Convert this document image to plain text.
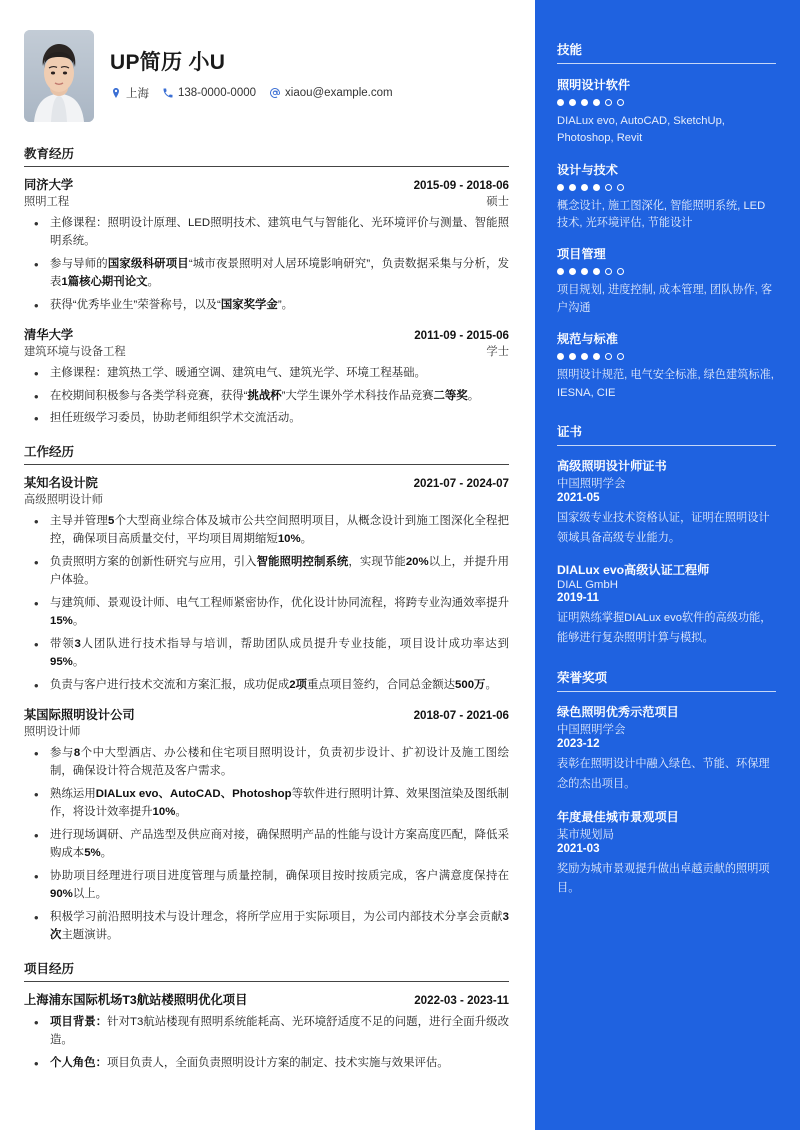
UP简历 小U
上海	138-0000-0000	xiaou@example.com
教育经历
同济大学	2015-09 - 2018-06
照明工程	硕士
• 主修课程：照明设计原理、LED照明技术、建筑电气与智能化、光环境评价与测量、智能照明系统。
• 参与导师的国家级科研项目“城市夜景照明对人居环境影响研究”，负责数据采集与分析，发表1篇核心期刊论文。
• 获得“优秀毕业生”荣誉称号，以及“国家奖学金”。
清华大学	2011-09 - 2015-06
建筑环境与设备工程	学士
• 主修课程：建筑热工学、暖通空调、建筑电气、建筑光学、环境工程基础。
• 在校期间积极参与各类学科竞赛，获得“挑战杯”大学生课外学术科技作品竞赛二等奖。
• 担任班级学习委员，协助老师组织学术交流活动。
工作经历
某知名设计院	2021-07 - 2024-07
高级照明设计师
• 主导并管理5个大型商业综合体及城市公共空间照明项目，从概念设计到施工图深化全程把控，确保项目高质量交付，平均项目周期缩短10%。
• 负责照明方案的创新性研究与应用，引入智能照明控制系统，实现节能20%以上，并提升用户体验。
• 与建筑师、景观设计师、电气工程师紧密协作，优化设计协同流程，将跨专业沟通效率提升15%。
• 带领3人团队进行技术指导与培训，帮助团队成员提升专业技能，项目设计成功率达到95%。
• 负责与客户进行技术交流和方案汇报，成功促成2项重点项目签约，合同总金额达500万。
某国际照明设计公司	2018-07 - 2021-06
照明设计师
• 参与8个中大型酒店、办公楼和住宅项目照明设计，负责初步设计、扩初设计及施工图绘制，确保设计符合规范及客户需求。
• 熟练运用DIALux evo、AutoCAD、Photoshop等软件进行照明计算、效果图渲染及图纸制作，将设计效率提升10%。
• 进行现场调研、产品选型及供应商对接，确保照明产品的性能与设计方案高度匹配，降低采购成本5%。
• 协助项目经理进行项目进度管理与质量控制，确保项目按时按质完成，客户满意度保持在90%以上。
• 积极学习前沿照明技术与设计理念，将所学应用于实际项目，为公司内部技术分享会贡献3次主题演讲。
项目经历
上海浦东国际机场T3航站楼照明优化项目	2022-03 - 2023-11
• 项目背景：针对T3航站楼现有照明系统能耗高、光环境舒适度不足的问题，进行全面升级改造。
• 个人角色：项目负责人，全面负责照明设计方案的制定、技术实施与效果评估。
技能
照明设计软件
DIALux evo, AutoCAD, SketchUp, Photoshop, Revit
设计与技术
概念设计, 施工图深化, 智能照明系统, LED技术, 光环境评估, 节能设计
项目管理
项目规划, 进度控制, 成本管理, 团队协作, 客户沟通
规范与标准
照明设计规范, 电气安全标准, 绿色建筑标准, IESNA, CIE
证书
高级照明设计师证书
中国照明学会
2021-05
国家级专业技术资格认证，证明在照明设计领域具备高级专业能力。
DIALux evo高级认证工程师
DIAL GmbH
2019-11
证明熟练掌握DIALux evo软件的高级功能，能够进行复杂照明计算与模拟。
荣誉奖项
绿色照明优秀示范项目
中国照明学会
2023-12
表彰在照明设计中融入绿色、节能、环保理念的杰出项目。
年度最佳城市景观项目
某市规划局
2021-03
奖励为城市景观提升做出卓越贡献的照明项目。
